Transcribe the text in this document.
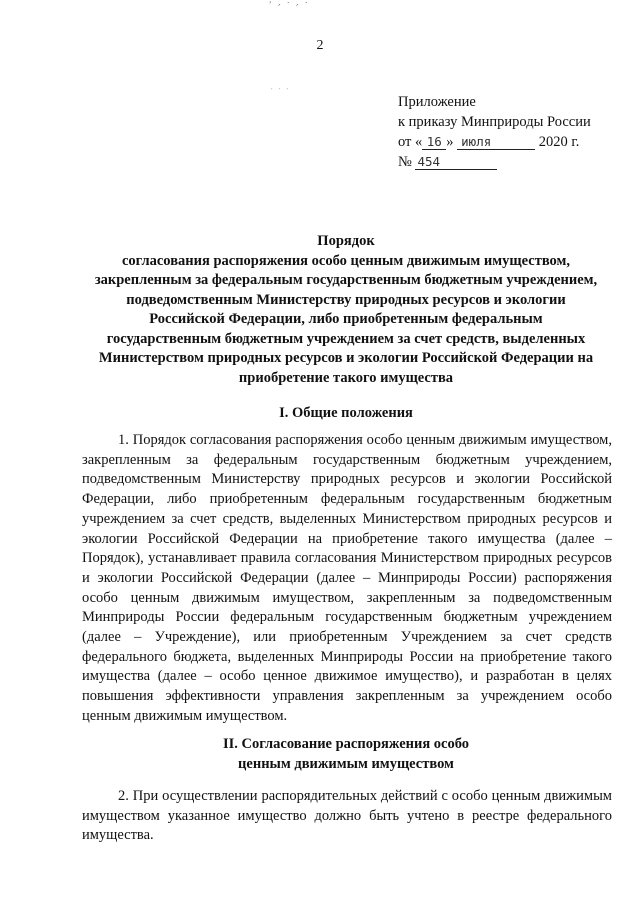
᾽ ׳ ˙ ׳ ˙
˙ ˙ ˙
2
Приложение
к приказу Минприроды России
от « 16 » июля	2020 г.
№ 454
Порядок
согласования распоряжения особо ценным движимым имуществом,
закрепленным за федеральным государственным бюджетным учреждением,
подведомственным Министерству природных ресурсов и экологии
Российской Федерации, либо приобретенным федеральным
государственным бюджетным учреждением за счет средств, выделенных
Министерством природных ресурсов и экологии Российской Федерации на
приобретение такого имущества
I. Общие положения
1. Порядок согласования распоряжения особо ценным движимым имуществом, закрепленным за федеральным государственным бюджетным учреждением, подведомственным Министерству природных ресурсов и экологии Российской Федерации, либо приобретенным федеральным государственным бюджетным учреждением за счет средств, выделенных Министерством природных ресурсов и экологии Российской Федерации на приобретение такого имущества (далее – Порядок), устанавливает правила согласования Министерством природных ресурсов и экологии Российской Федерации (далее – Минприроды России) распоряжения особо ценным движимым имуществом, закрепленным за подведомственным Минприроды России федеральным государственным бюджетным учреждением (далее – Учреждение), или приобретенным Учреждением за счет средств федерального бюджета, выделенных Минприроды России на приобретение такого имущества (далее – особо ценное движимое имущество), и разработан в целях повышения эффективности управления закрепленным за учреждением особо ценным движимым имуществом.
II. Согласование распоряжения особо
ценным движимым имуществом
2. При осуществлении распорядительных действий с особо ценным движимым имуществом указанное имущество должно быть учтено в реестре федерального имущества.
